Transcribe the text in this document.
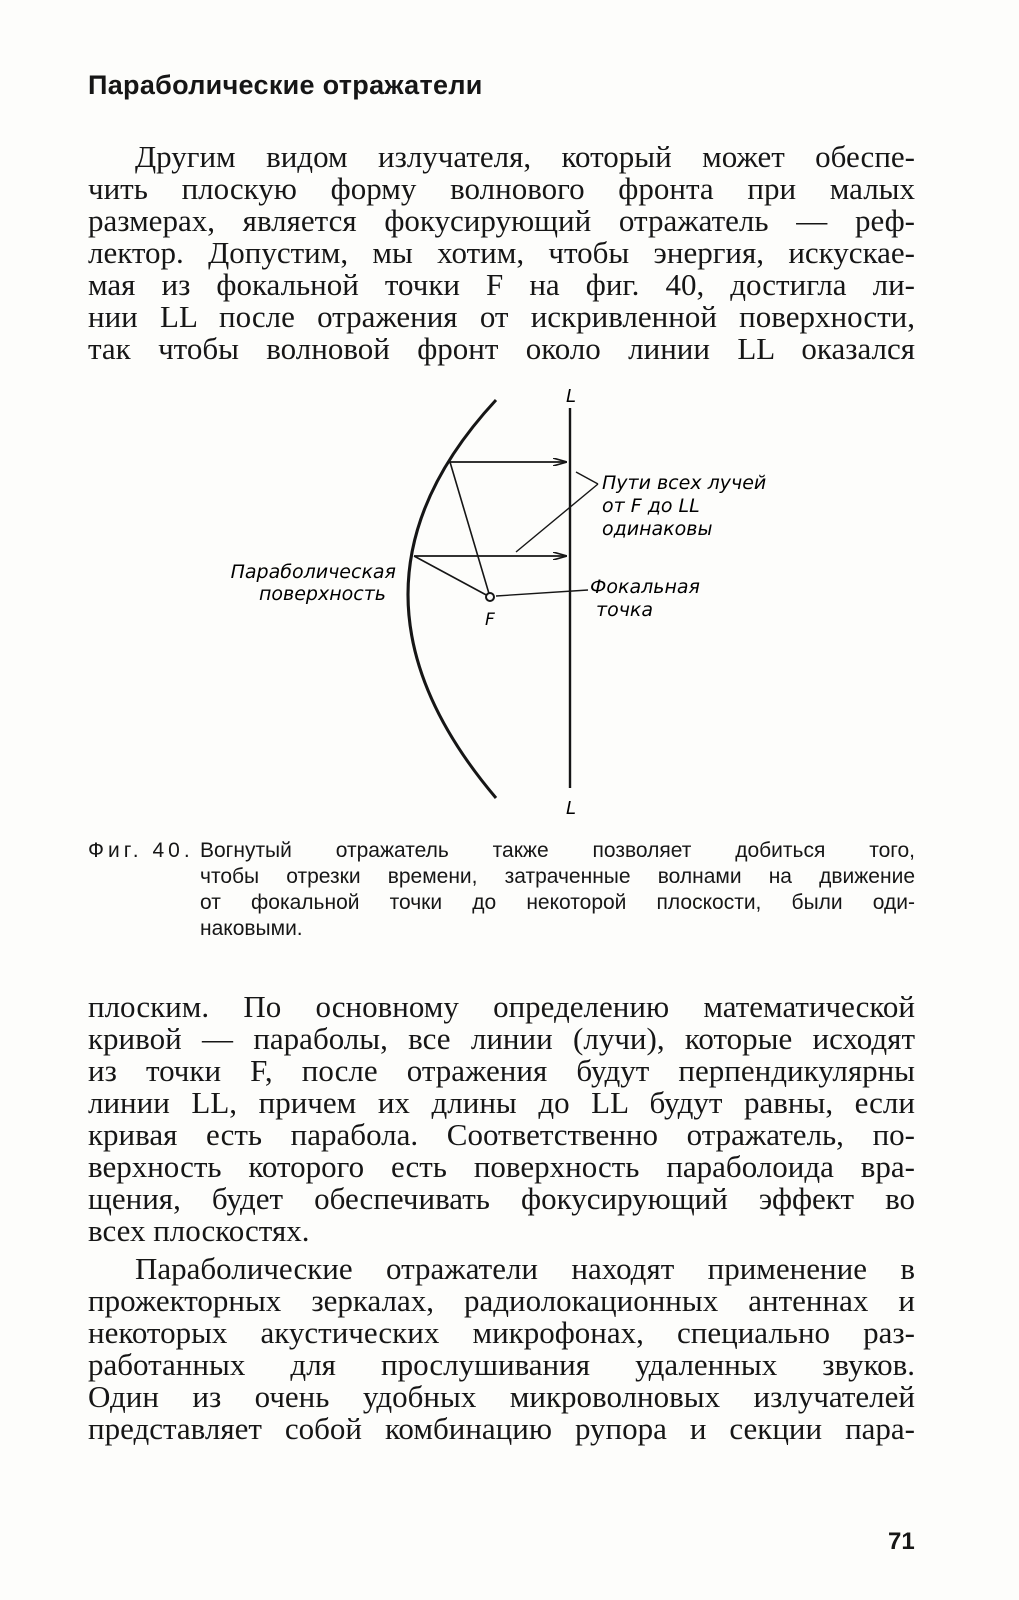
Параболические отражатели
Другим видом излучателя, который может обеспе-
чить плоскую форму волнового фронта при малых
размерах, является фокусирующий отражатель — реф-
лектор. Допустим, мы хотим, чтобы энергия, искускае-
мая из фокальной точки F на фиг. 40, достигла ли-
нии LL после отражения от искривленной поверхности,
так чтобы волновой фронт около линии LL оказался
L
L
F
Пути всех лучей
от F до LL
одинаковы
Параболическая
поверхность	Фокальная
точка
Фиг. 40. Вогнутый отражатель также позволяет добиться того,
чтобы отрезки времени, затраченные волнами на движение
от фокальной точки до некоторой плоскости, были оди-
наковыми.
плоским. По основному определению математической
кривой — параболы, все линии (лучи), которые исходят
из точки F, после отражения будут перпендикулярны
линии LL, причем их длины до LL будут равны, если
кривая есть парабола. Соответственно отражатель, по-
верхность которого есть поверхность параболоида вра-
щения, будет обеспечивать фокусирующий эффект во
всех плоскостях.
Параболические отражатели находят применение в
прожекторных зеркалах, радиолокационных антеннах и
некоторых акустических микрофонах, специально раз-
работанных для прослушивания удаленных звуков.
Один из очень удобных микроволновых излучателей
представляет собой комбинацию рупора и секции пара-
71
